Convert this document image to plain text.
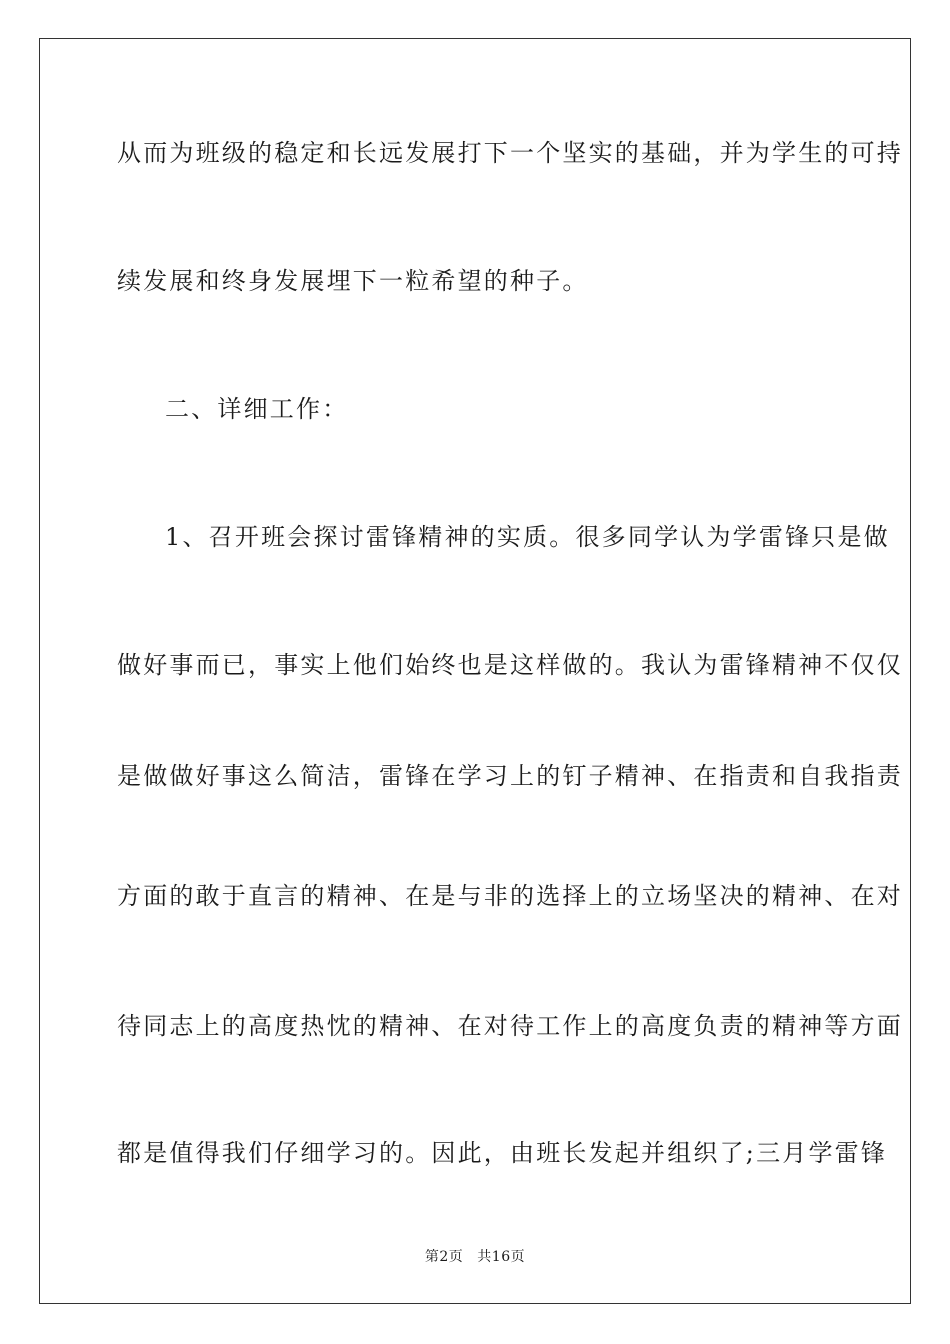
从而为班级的稳定和长远发展打下一个坚实的基础，并为学生的可持
续发展和终身发展埋下一粒希望的种子。
二、详细工作：
1、召开班会探讨雷锋精神的实质。很多同学认为学雷锋只是做
做好事而已，事实上他们始终也是这样做的。我认为雷锋精神不仅仅
是做做好事这么简洁，雷锋在学习上的钉子精神、在指责和自我指责
方面的敢于直言的精神、在是与非的选择上的立场坚决的精神、在对
待同志上的高度热忱的精神、在对待工作上的高度负责的精神等方面
都是值得我们仔细学习的。因此，由班长发起并组织了;三月学雷锋
第2页 共16页
